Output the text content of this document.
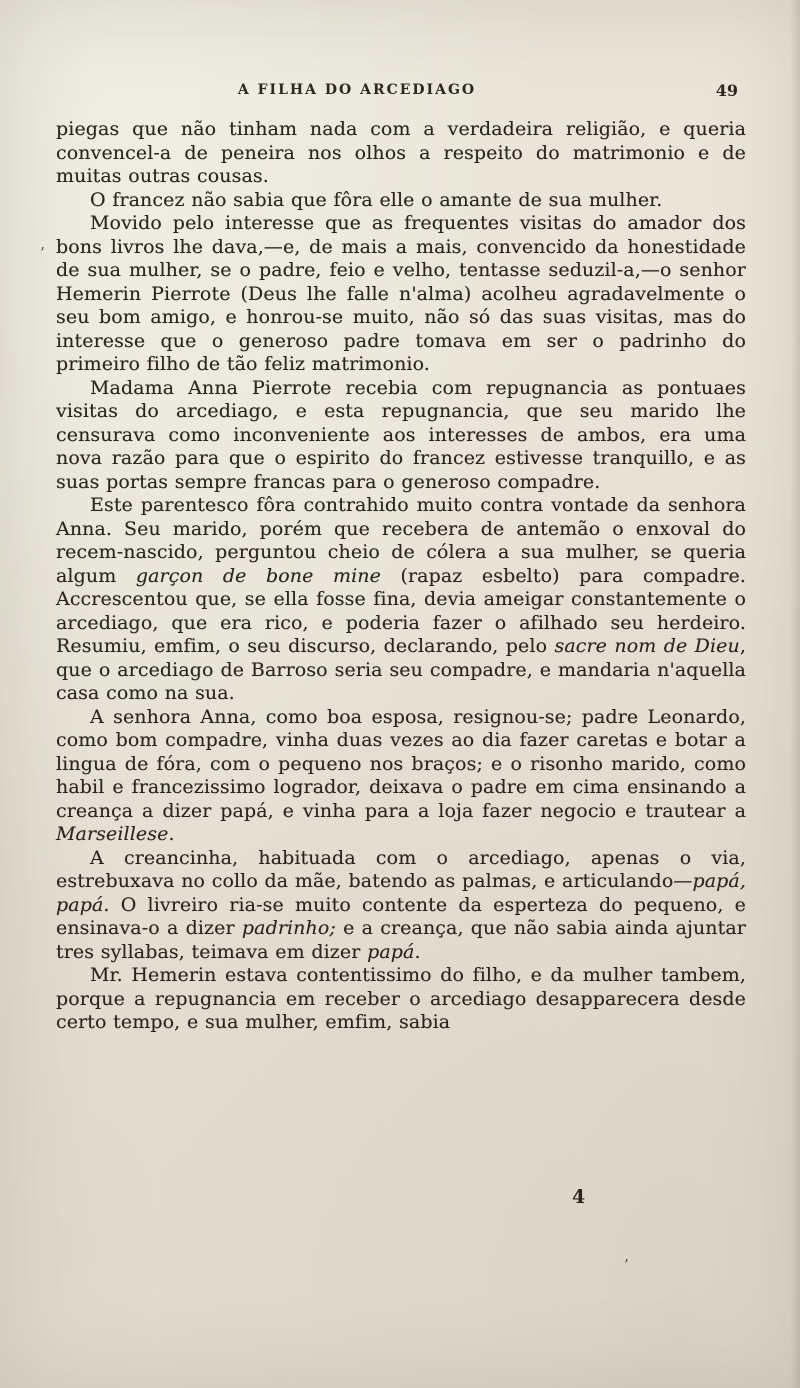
A FILHA DO ARCEDIAGO	49

piegas que não tinham nada com a verdadeira religião, e queria convencel-a de peneira nos olhos a respeito do matrimonio e de muitas outras cousas.

O francez não sabia que fôra elle o amante de sua mulher.

Movido pelo interesse que as frequentes visitas do amador dos bons livros lhe dava,—e, de mais a mais, convencido da honestidade de sua mulher, se o padre, feio e velho, tentasse seduzil-a,—o senhor Hemerin Pierrote (Deus lhe falle n'alma) acolheu agradavelmente o seu bom amigo, e honrou-se muito, não só das suas visitas, mas do interesse que o generoso padre tomava em ser o padrinho do primeiro filho de tão feliz matrimonio.

Madama Anna Pierrote recebia com repugnancia as pontuaes visitas do arcediago, e esta repugnancia, que seu marido lhe censurava como inconveniente aos interesses de ambos, era uma nova razão para que o espirito do francez estivesse tranquillo, e as suas portas sempre francas para o generoso compadre.

Este parentesco fôra contrahido muito contra vontade da senhora Anna. Seu marido, porém que recebera de antemão o enxoval do recem-nascido, perguntou cheio de cólera a sua mulher, se queria algum garçon de bone mine (rapaz esbelto) para compadre. Accrescentou que, se ella fosse fina, devia ameigar constantemente o arcediago, que era rico, e poderia fazer o afilhado seu herdeiro. Resumiu, emfim, o seu discurso, declarando, pelo sacre nom de Dieu, que o arcediago de Barroso seria seu compadre, e mandaria n'aquella casa como na sua.

A senhora Anna, como boa esposa, resignou-se; padre Leonardo, como bom compadre, vinha duas vezes ao dia fazer caretas e botar a lingua de fóra, com o pequeno nos braços; e o risonho marido, como habil e francezissimo logrador, deixava o padre em cima ensinando a creança a dizer papá, e vinha para a loja fazer negocio e trautear a Marseillese.

A creancinha, habituada com o arcediago, apenas o via, estrebuxava no collo da mãe, batendo as palmas, e articulando—papá, papá. O livreiro ria-se muito contente da esperteza do pequeno, e ensinava-o a dizer padrinho; e a creança, que não sabia ainda ajuntar tres syllabas, teimava em dizer papá.

Mr. Hemerin estava contentissimo do filho, e da mulher tambem, porque a repugnancia em receber o arcediago desapparecera desde certo tempo, e sua mulher, emfim, sabia

4
’
’
